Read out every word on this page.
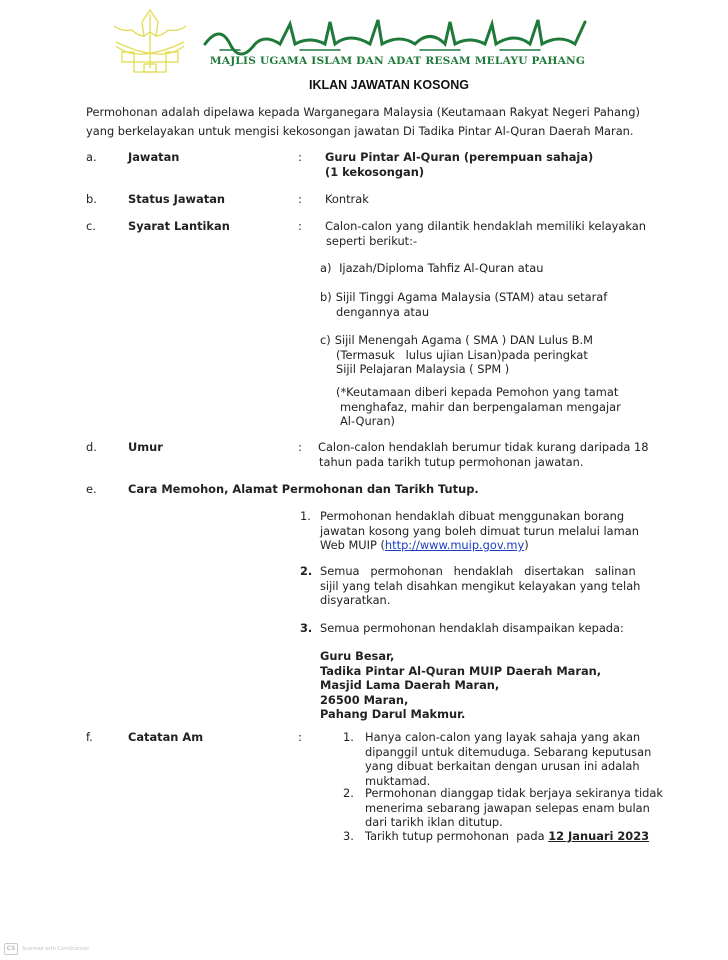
MAJLIS UGAMA ISLAM DAN ADAT RESAM MELAYU PAHANG
IKLAN JAWATAN KOSONG
Permohonan adalah dipelawa kepada Warganegara Malaysia (Keutamaan Rakyat Negeri Pahang) yang berkelayakan untuk mengisi kekosongan jawatan Di Tadika Pintar Al-Quran Daerah Maran.
a.	Jawatan	: Guru Pintar Al-Quran (perempuan sahaja)
(1 kekosongan)
b.	Status Jawatan	: Kontrak
c.	Syarat Lantikan	: Calon-calon yang dilantik hendaklah memiliki kelayakan
seperti berikut:-
a) Ijazah/Diploma Tahfiz Al-Quran atau
b) Sijil Tinggi Agama Malaysia (STAM) atau setaraf
dengannya atau
c) Sijil Menengah Agama ( SMA ) DAN Lulus B.M
(Termasuk   lulus ujian Lisan)pada peringkat
Sijil Pelajaran Malaysia ( SPM )
(*Keutamaan diberi kepada Pemohon yang tamat
menghafaz, mahir dan berpengalaman mengajar
Al-Quran)
d.	Umur	: Calon-calon hendaklah berumur tidak kurang daripada 18
tahun pada tarikh tutup permohonan jawatan.
e.	Cara Memohon, Alamat Permohonan dan Tarikh Tutup.
1. Permohonan hendaklah dibuat menggunakan borang
jawatan kosong yang boleh dimuat turun melalui laman
Web MUIP (http://www.muip.gov.my)
2. Semua   permohonan   hendaklah   disertakan   salinan
sijil yang telah disahkan mengikut kelayakan yang telah
disyaratkan.
3. Semua permohonan hendaklah disampaikan kepada:
Guru Besar,
Tadika Pintar Al-Quran MUIP Daerah Maran,
Masjid Lama Daerah Maran,
26500 Maran,
Pahang Darul Makmur.
f.	Catatan Am	:	1. Hanya calon-calon yang layak sahaja yang akan
dipanggil untuk ditemuduga. Sebarang keputusan
yang dibuat berkaitan dengan urusan ini adalah
muktamad.
2. Permohonan dianggap tidak berjaya sekiranya tidak
menerima sebarang jawapan selepas enam bulan
dari tarikh iklan ditutup.
3. Tarikh tutup permohonan  pada 12 Januari 2023
CS	Scanned with CamScanner
